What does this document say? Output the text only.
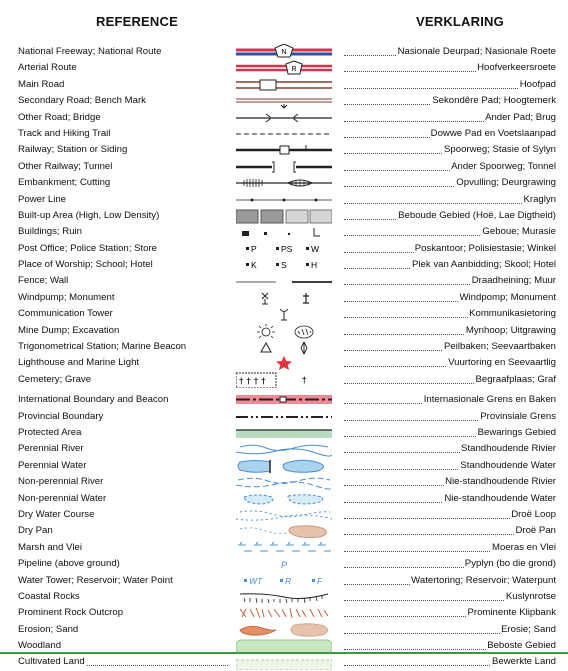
REFERENCE	VERKLARING
National Freeway; National Route	N	Nasionale Deurpad; Nasionale Roete
Arterial Route	R	Hoofverkeersroete
Main Road	Hoofpad
Secondary Road; Bench Mark	Sekondêre Pad; Hoogtemerk
Other Road; Bridge	Ander Pad; Brug
Track and Hiking Trail	Dowwe Pad en Voetslaanpad
Railway; Station or Siding	Spoorweg; Stasie of Sylyn
Other Railway; Tunnel	Ander Spoorweg; Tonnel
Embankment; Cutting	Opvulling; Deurgrawing
Power Line	Kraglyn
Built-up Area (High, Low Density)	Beboude Gebied (Hoë, Lae Digtheid)
Buildings; Ruin	Geboue; Murasie
Post Office; Police Station; Store	P	PS W	Poskantoor; Polisiestasie; Winkel
Place of Worship; School; Hotel	K	S	H	Plek van Aanbidding; Skool; Hotel
Fence; Wall	Draadheining; Muur
Windpump; Monument	Windpomp; Monument
Communication Tower	Kommunikasietoring
Mine Dump; Excavation	Mynhoop; Uitgrawing
Trigonometrical Station; Marine Beacon	Peilbaken; Seevaartbaken
Lighthouse and Marine Light	Vuurtoring en Seevaartlig
Cemetery; Grave	† † † †	†	Begraafplaas; Graf
International Boundary and Beacon	Internasionale Grens en Baken
Provincial Boundary	Provinsiale Grens
Protected Area	Bewarings Gebied
Perennial River	Standhoudende Rivier
Perennial Water	Standhoudende Water
Non-perennial River	Nie-standhoudende Rivier
Non-perennial Water	Nie-standhoudende Water
Dry Water Course	Droë Loop
Dry Pan	Droë Pan
Marsh and Vlei	Moeras en Vlei
Pipeline (above ground)	P	Pyplyn (bo die grond)
Water Tower; Reservoir; Water Point	WT	R	F	Watertoring; Reservoir; Waterpunt
Coastal Rocks	Kuslynrotse
Prominent Rock Outcrop	Prominente Klipbank
Erosion; Sand	Erosie; Sand
Woodland	Beboste Gebied
Cultivated Land	Bewerkte Land
